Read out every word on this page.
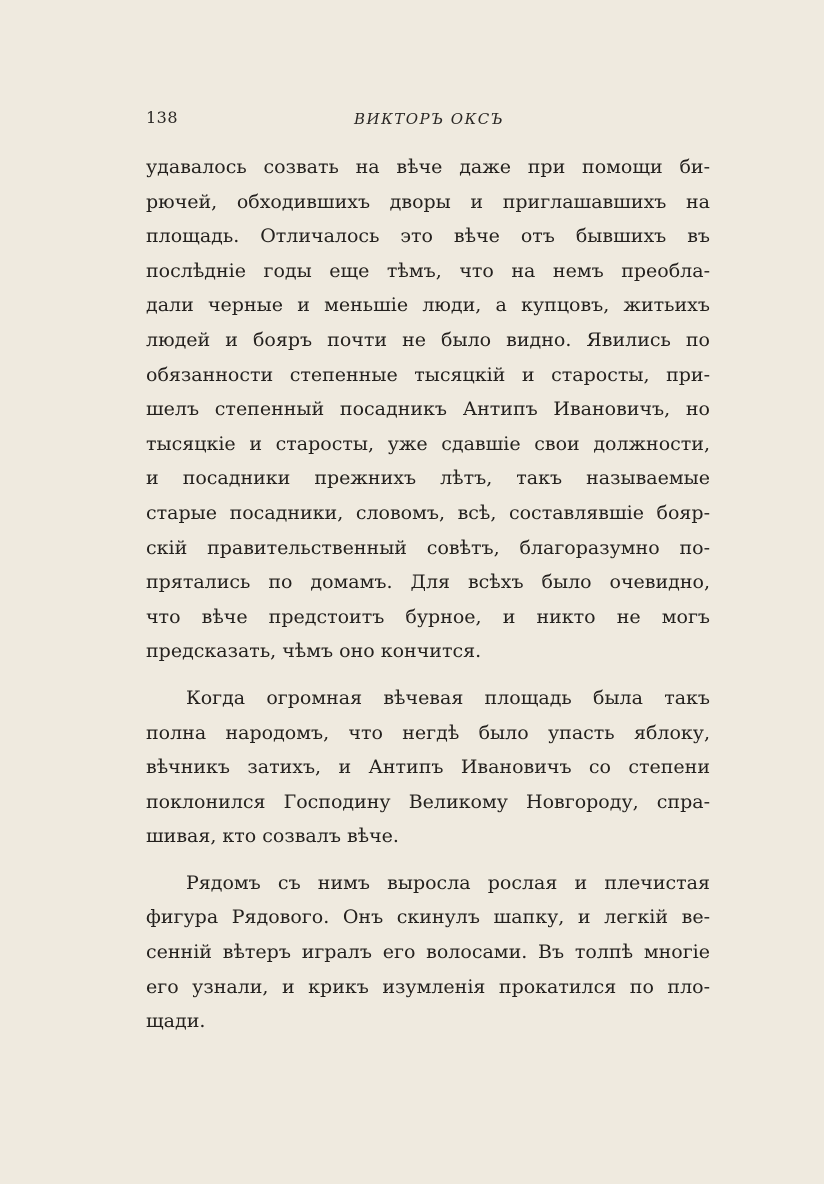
138	ВИКТОРЪ ОКСЪ
удавалось созвать на вѣче даже при помощи би-
рючей, обходившихъ дворы и приглашавшихъ на
площадь. Отличалось это вѣче отъ бывшихъ въ
послѣдніе годы еще тѣмъ, что на немъ преобла-
дали черные и меньшіе люди, а купцовъ, житьихъ
людей и бояръ почти не было видно. Явились по
обязанности степенные тысяцкій и старосты, при-
шелъ степенный посадникъ Антипъ Ивановичъ, но
тысяцкіе и старосты, уже сдавшіе свои должности,
и посадники прежнихъ лѣтъ, такъ называемые
старые посадники, словомъ, всѣ, составлявшіе бояр-
скій правительственный совѣтъ, благоразумно по-
прятались по домамъ. Для всѣхъ было очевидно,
что вѣче предстоитъ бурное, и никто не могъ
предсказать, чѣмъ оно кончится.
Когда огромная вѣчевая площадь была такъ
полна народомъ, что негдѣ было упасть яблоку,
вѣчникъ затихъ, и Антипъ Ивановичъ со степени
поклонился Господину Великому Новгороду, спра-
шивая, кто созвалъ вѣче.
Рядомъ съ нимъ выросла рослая и плечистая
фигура Рядового. Онъ скинулъ шапку, и легкій ве-
сенній вѣтеръ игралъ его волосами. Въ толпѣ многіе
его узнали, и крикъ изумленія прокатился по пло-
щади.
